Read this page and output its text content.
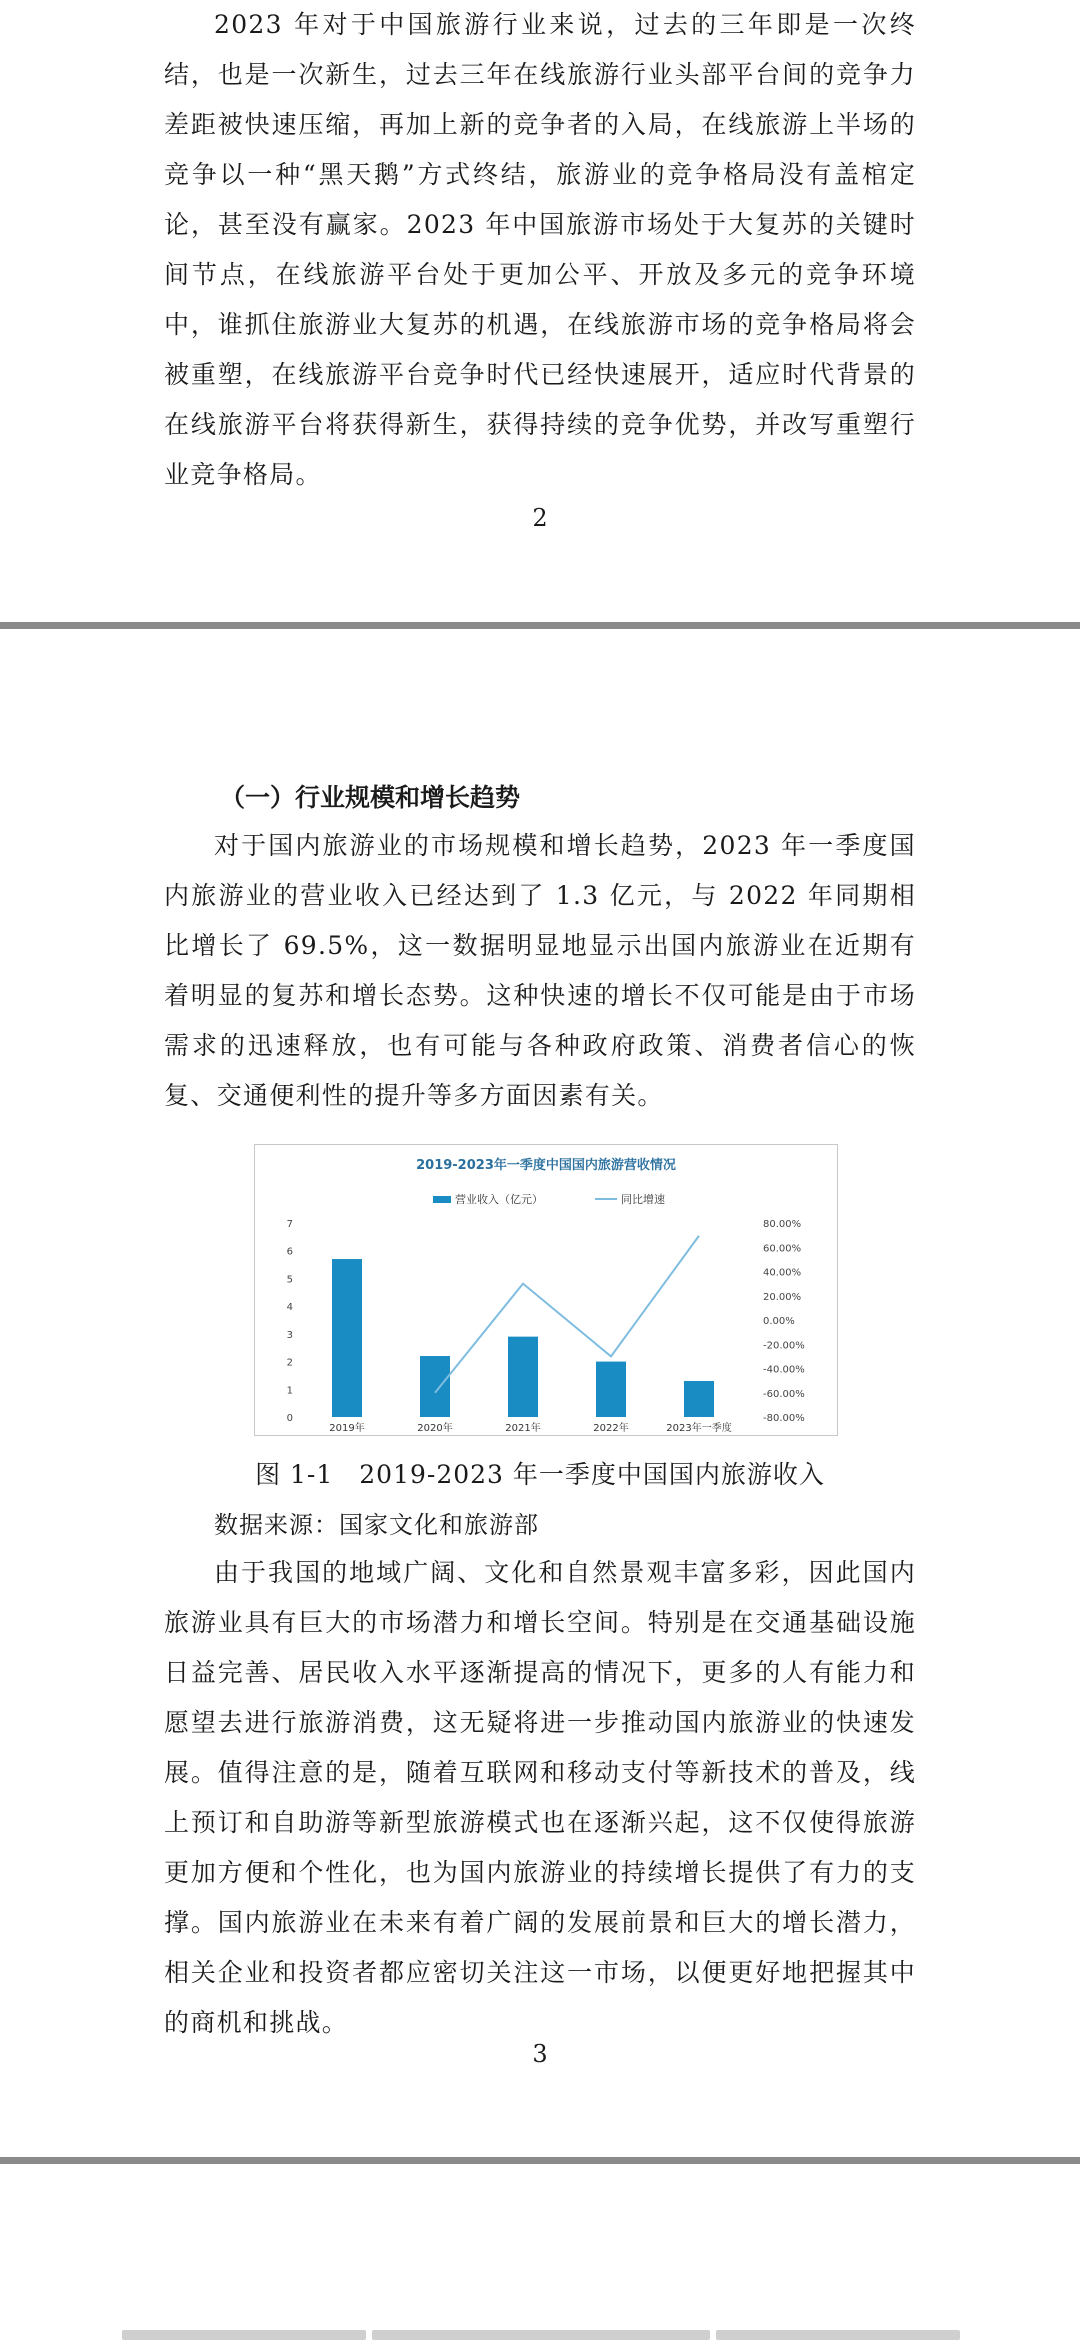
2023 年对于中国旅游行业来说，过去的三年即是一次终结，也是一次新生，过去三年在线旅游行业头部平台间的竞争力差距被快速压缩，再加上新的竞争者的入局，在线旅游上半场的竞争以一种“黑天鹅”方式终结，旅游业的竞争格局没有盖棺定论，甚至没有赢家。2023 年中国旅游市场处于大复苏的关键时间节点，在线旅游平台处于更加公平、开放及多元的竞争环境中，谁抓住旅游业大复苏的机遇，在线旅游市场的竞争格局将会被重塑，在线旅游平台竞争时代已经快速展开，适应时代背景的在线旅游平台将获得新生，获得持续的竞争优势，并改写重塑行业竞争格局。

2
（一）行业规模和增长趋势

对于国内旅游业的市场规模和增长趋势，2023 年一季度国内旅游业的营业收入已经达到了 1.3 亿元，与 2022 年同期相比增长了 69.5%，这一数据明显地显示出国内旅游业在近期有着明显的复苏和增长态势。这种快速的增长不仅可能是由于市场需求的迅速释放，也有可能与各种政府政策、消费者信心的恢复、交通便利性的提升等多方面因素有关。

2019-2023年一季度中国国内旅游营收情况
营业收入（亿元）	同比增速
0
1
2
3
4
5
6
7	80.00%
60.00%
40.00%
20.00%
0.00%
-20.00%
-40.00%
-60.00%
-80.00%
2019年	2020年	2021年	2022年	2023年一季度
图 1-1　2019-2023 年一季度中国国内旅游收入
数据来源：国家文化和旅游部

由于我国的地域广阔、文化和自然景观丰富多彩，因此国内旅游业具有巨大的市场潜力和增长空间。特别是在交通基础设施日益完善、居民收入水平逐渐提高的情况下，更多的人有能力和愿望去进行旅游消费，这无疑将进一步推动国内旅游业的快速发展。值得注意的是，随着互联网和移动支付等新技术的普及，线上预订和自助游等新型旅游模式也在逐渐兴起，这不仅使得旅游更加方便和个性化，也为国内旅游业的持续增长提供了有力的支撑。国内旅游业在未来有着广阔的发展前景和巨大的增长潜力，相关企业和投资者都应密切关注这一市场，以便更好地把握其中的商机和挑战。

3
